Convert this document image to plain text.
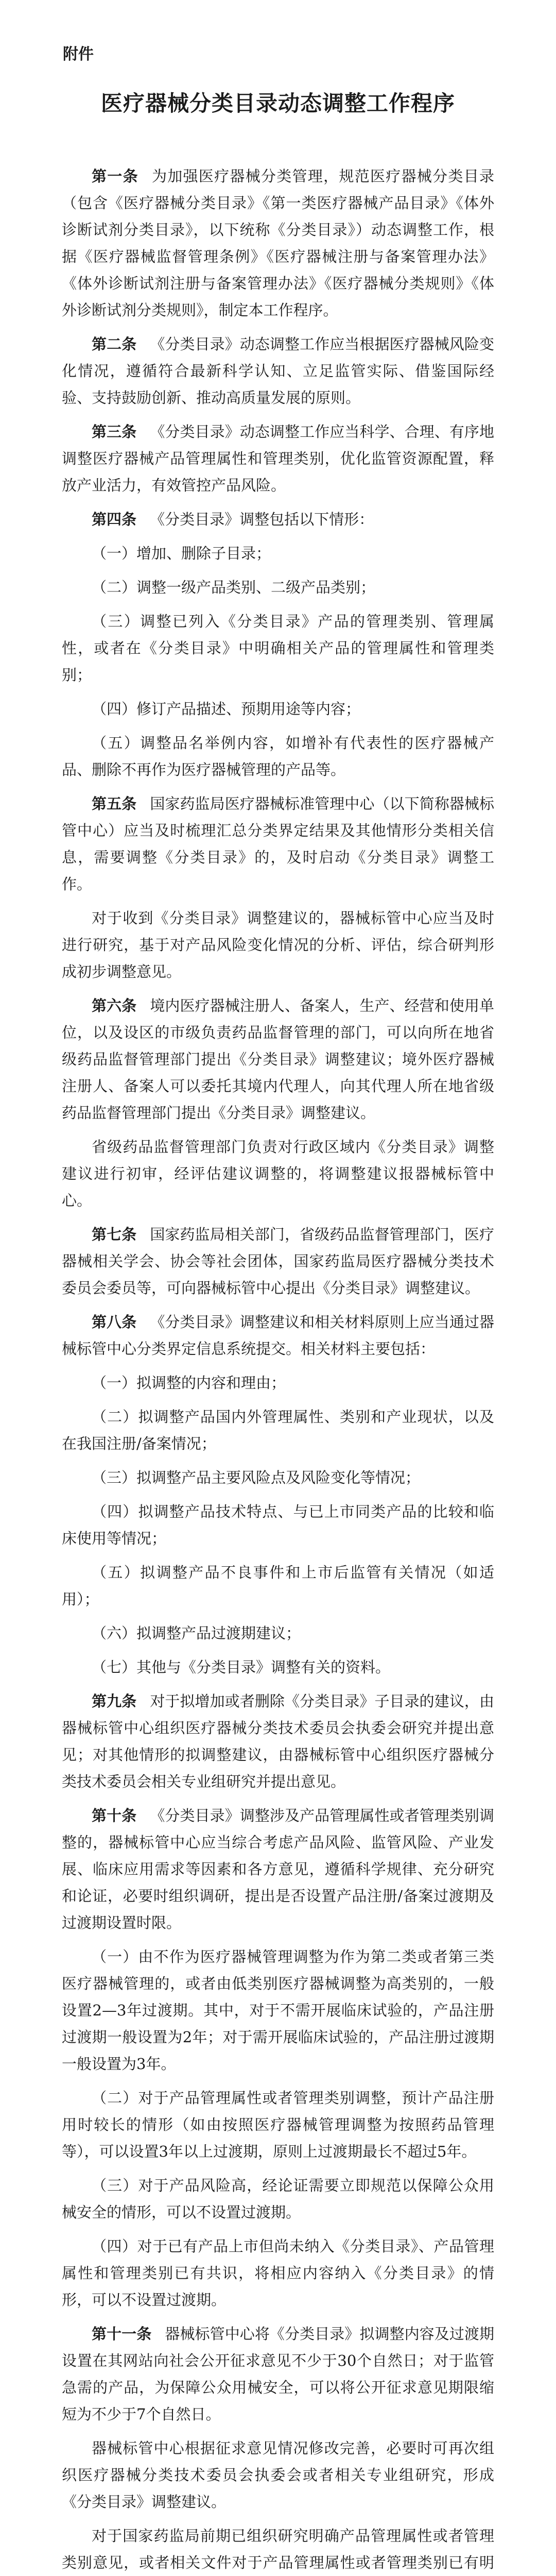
附件
医疗器械分类目录动态调整工作程序
第一条 为加强医疗器械分类管理，规范医疗器械分类目录（包含《医疗器械分类目录》《第一类医疗器械产品目录》《体外诊断试剂分类目录》，以下统称《分类目录》）动态调整工作，根据《医疗器械监督管理条例》《医疗器械注册与备案管理办法》《体外诊断试剂注册与备案管理办法》《医疗器械分类规则》《体外诊断试剂分类规则》，制定本工作程序。
第二条 《分类目录》动态调整工作应当根据医疗器械风险变化情况，遵循符合最新科学认知、立足监管实际、借鉴国际经验、支持鼓励创新、推动高质量发展的原则。
第三条 《分类目录》动态调整工作应当科学、合理、有序地调整医疗器械产品管理属性和管理类别，优化监管资源配置，释放产业活力，有效管控产品风险。
第四条 《分类目录》调整包括以下情形：
（一）增加、删除子目录；
（二）调整一级产品类别、二级产品类别；
（三）调整已列入《分类目录》产品的管理类别、管理属性，或者在《分类目录》中明确相关产品的管理属性和管理类别；
（四）修订产品描述、预期用途等内容；
（五）调整品名举例内容，如增补有代表性的医疗器械产品、删除不再作为医疗器械管理的产品等。
第五条 国家药监局医疗器械标准管理中心（以下简称器械标管中心）应当及时梳理汇总分类界定结果及其他情形分类相关信息，需要调整《分类目录》的，及时启动《分类目录》调整工作。
对于收到《分类目录》调整建议的，器械标管中心应当及时进行研究，基于对产品风险变化情况的分析、评估，综合研判形成初步调整意见。
第六条 境内医疗器械注册人、备案人，生产、经营和使用单位，以及设区的市级负责药品监督管理的部门，可以向所在地省级药品监督管理部门提出《分类目录》调整建议；境外医疗器械注册人、备案人可以委托其境内代理人，向其代理人所在地省级药品监督管理部门提出《分类目录》调整建议。
省级药品监督管理部门负责对行政区域内《分类目录》调整建议进行初审，经评估建议调整的，将调整建议报器械标管中心。
第七条 国家药监局相关部门，省级药品监督管理部门，医疗器械相关学会、协会等社会团体，国家药监局医疗器械分类技术委员会委员等，可向器械标管中心提出《分类目录》调整建议。
第八条 《分类目录》调整建议和相关材料原则上应当通过器械标管中心分类界定信息系统提交。相关材料主要包括：
（一）拟调整的内容和理由；
（二）拟调整产品国内外管理属性、类别和产业现状，以及在我国注册/备案情况；
（三）拟调整产品主要风险点及风险变化等情况；
（四）拟调整产品技术特点、与已上市同类产品的比较和临床使用等情况；
（五）拟调整产品不良事件和上市后监管有关情况（如适用）；
（六）拟调整产品过渡期建议；
（七）其他与《分类目录》调整有关的资料。
第九条 对于拟增加或者删除《分类目录》子目录的建议，由器械标管中心组织医疗器械分类技术委员会执委会研究并提出意见；对其他情形的拟调整建议，由器械标管中心组织医疗器械分类技术委员会相关专业组研究并提出意见。
第十条 《分类目录》调整涉及产品管理属性或者管理类别调整的，器械标管中心应当综合考虑产品风险、监管风险、产业发展、临床应用需求等因素和各方意见，遵循科学规律、充分研究和论证，必要时组织调研，提出是否设置产品注册/备案过渡期及过渡期设置时限。
（一）由不作为医疗器械管理调整为作为第二类或者第三类医疗器械管理的，或者由低类别医疗器械调整为高类别的，一般设置2—3年过渡期。其中，对于不需开展临床试验的，产品注册过渡期一般设置为2年；对于需开展临床试验的，产品注册过渡期一般设置为3年。
（二）对于产品管理属性或者管理类别调整，预计产品注册用时较长的情形（如由按照医疗器械管理调整为按照药品管理等），可以设置3年以上过渡期，原则上过渡期最长不超过5年。
（三）对于产品风险高，经论证需要立即规范以保障公众用械安全的情形，可以不设置过渡期。
（四）对于已有产品上市但尚未纳入《分类目录》、产品管理属性和管理类别已有共识，将相应内容纳入《分类目录》的情形，可以不设置过渡期。
第十一条 器械标管中心将《分类目录》拟调整内容及过渡期设置在其网站向社会公开征求意见不少于30个自然日；对于监管急需的产品，为保障公众用械安全，可以将公开征求意见期限缩短为不少于7个自然日。
器械标管中心根据征求意见情况修改完善，必要时可再次组织医疗器械分类技术委员会执委会或者相关专业组研究，形成《分类目录》调整建议。
对于国家药监局前期已组织研究明确产品管理属性或者管理类别意见，或者相关文件对于产品管理属性或者管理类别已有明
